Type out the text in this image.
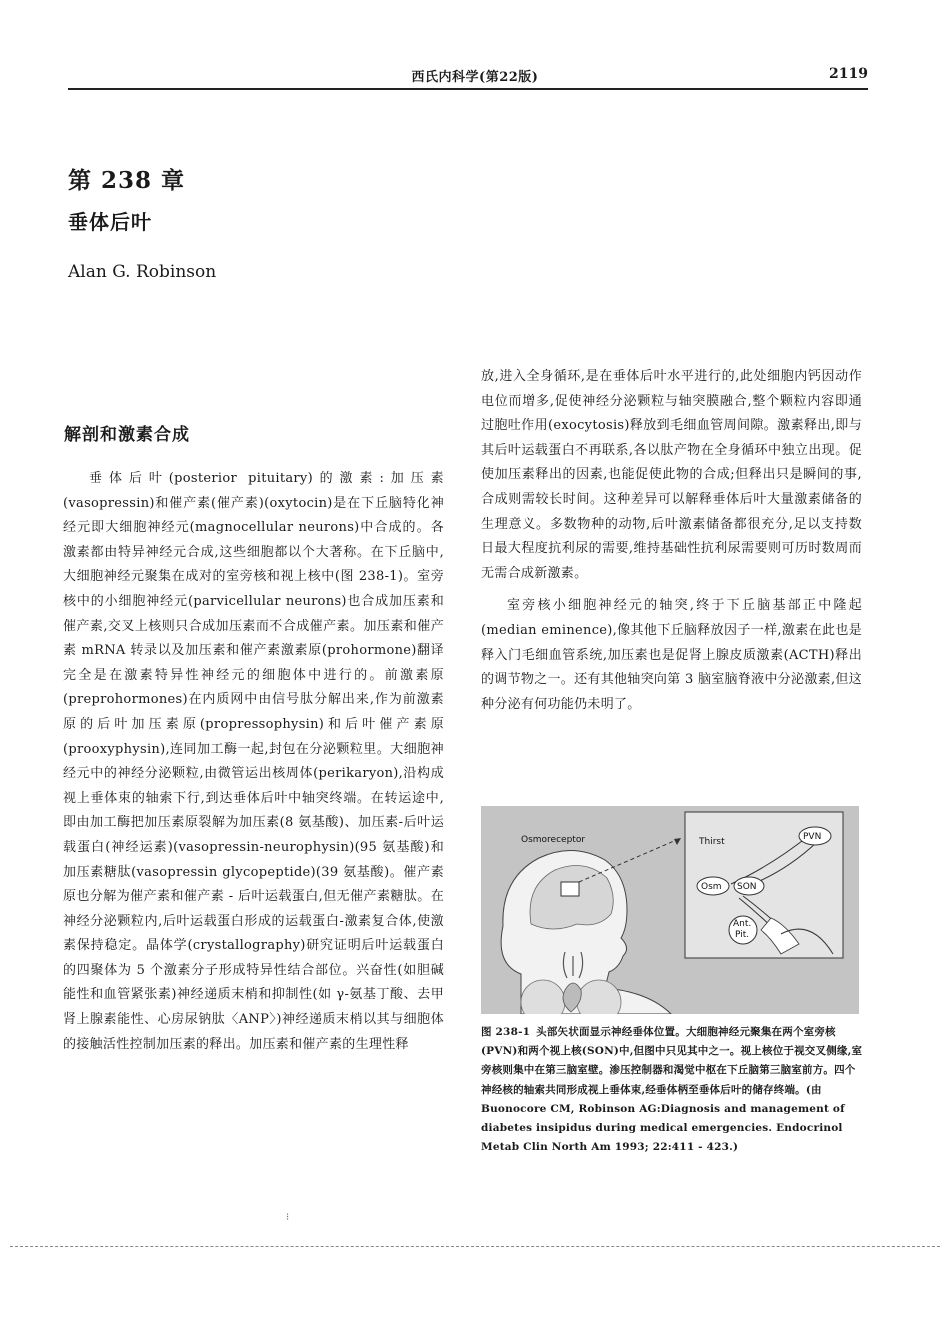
西氏内科学(第22版)	2119
第 238 章
垂体后叶
Alan G. Robinson
解剖和激素合成

垂体后叶(posterior pituitary)的激素:加压素(vasopressin)和催产素(催产素)(oxytocin)是在下丘脑特化神经元即大细胞神经元(magnocellular neurons)中合成的。各激素都由特异神经元合成,这些细胞都以个大著称。在下丘脑中,大细胞神经元聚集在成对的室旁核和视上核中(图 238-1)。室旁核中的小细胞神经元(parvicellular neurons)也合成加压素和催产素,交叉上核则只合成加压素而不合成催产素。加压素和催产素 mRNA 转录以及加压素和催产素激素原(prohormone)翻译完全是在激素特异性神经元的细胞体中进行的。前激素原(preprohormones)在内质网中由信号肽分解出来,作为前激素原的后叶加压素原(propressophysin)和后叶催产素原(prooxyphysin),连同加工酶一起,封包在分泌颗粒里。大细胞神经元中的神经分泌颗粒,由微管运出核周体(perikaryon),沿构成视上垂体束的轴索下行,到达垂体后叶中轴突终端。在转运途中,即由加工酶把加压素原裂解为加压素(8 氨基酸)、加压素-后叶运载蛋白(神经运素)(vasopressin-neurophysin)(95 氨基酸)和加压素糖肽(vasopressin glycopeptide)(39 氨基酸)。催产素原也分解为催产素和催产素 - 后叶运载蛋白,但无催产素糖肽。在神经分泌颗粒内,后叶运载蛋白形成的运载蛋白-激素复合体,使激素保持稳定。晶体学(crystallography)研究证明后叶运载蛋白的四聚体为 5 个激素分子形成特异性结合部位。兴奋性(如胆碱能性和血管紧张素)神经递质末梢和抑制性(如 γ-氨基丁酸、去甲肾上腺素能性、心房尿钠肽〈ANP〉)神经递质末梢以其与细胞体的接触活性控制加压素的释出。加压素和催产素的生理性释

放,进入全身循环,是在垂体后叶水平进行的,此处细胞内钙因动作电位而增多,促使神经分泌颗粒与轴突膜融合,整个颗粒内容即通过胞吐作用(exocytosis)释放到毛细血管周间隙。激素释出,即与其后叶运载蛋白不再联系,各以肽产物在全身循环中独立出现。促使加压素释出的因素,也能促使此物的合成;但释出只是瞬间的事,合成则需较长时间。这种差异可以解释垂体后叶大量激素储备的生理意义。多数物种的动物,后叶激素储备都很充分,足以支持数日最大程度抗利尿的需要,维持基础性抗利尿需要则可历时数周而无需合成新激素。

室旁核小细胞神经元的轴突,终于下丘脑基部正中隆起(median eminence),像其他下丘脑释放因子一样,激素在此也是释入门毛细血管系统,加压素也是促肾上腺皮质激素(ACTH)释出的调节物之一。还有其他轴突向第 3 脑室脑脊液中分泌激素,但这种分泌有何功能仍未明了。

Osmoreceptor	Thirst	PVN
Osm SON
Ant.
Pit.
图 238-1 头部矢状面显示神经垂体位置。大细胞神经元聚集在两个室旁核(PVN)和两个视上核(SON)中,但图中只见其中之一。视上核位于视交叉侧缘,室旁核则集中在第三脑室壁。渗压控制器和渴觉中枢在下丘脑第三脑室前方。四个神经核的轴索共同形成视上垂体束,经垂体柄至垂体后叶的储存终端。(由 Buonocore CM, Robinson AG:Diagnosis and management of diabetes insipidus during medical emergencies. Endocrinol Metab Clin North Am 1993; 22:411 - 423.)
⁝
